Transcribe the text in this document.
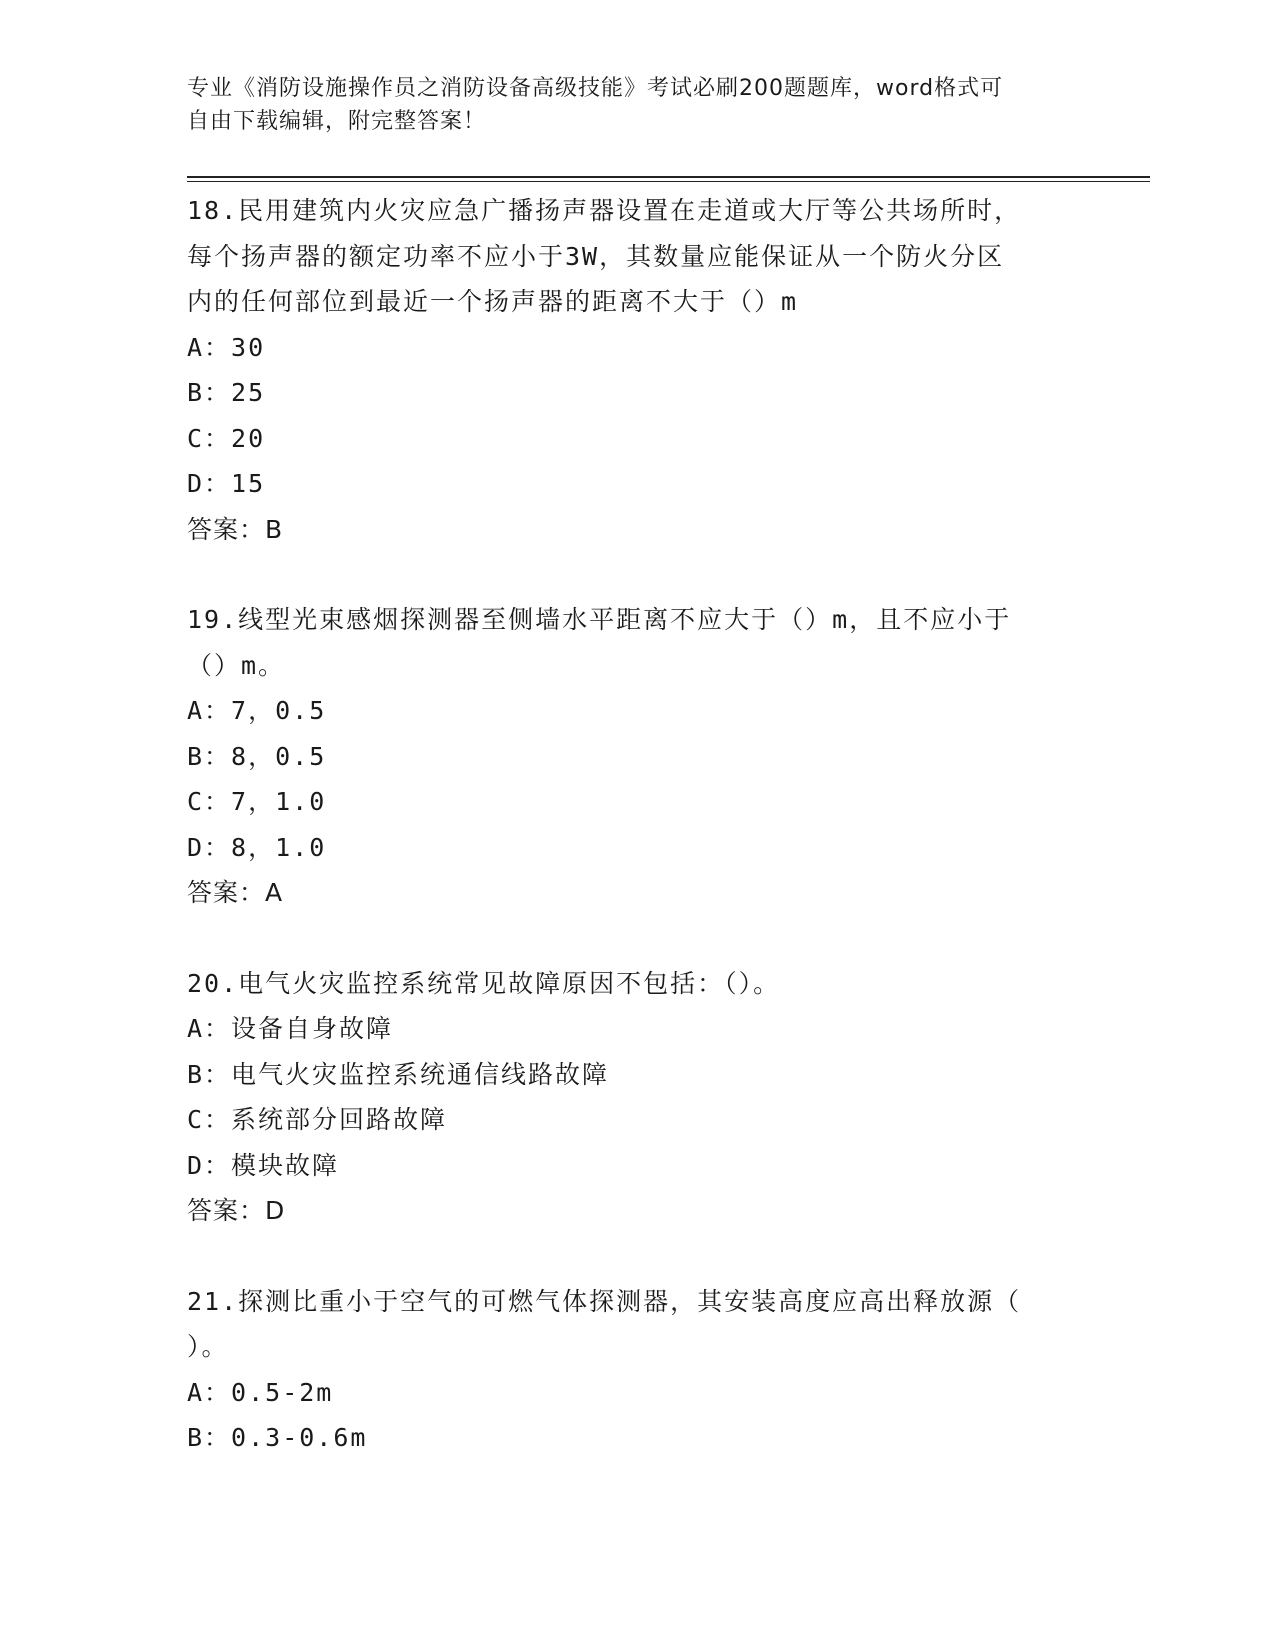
专业《消防设施操作员之消防设备高级技能》考试必刷200题题库，word格式可
自由下载编辑，附完整答案！
18.民用建筑内火灾应急广播扬声器设置在走道或大厅等公共场所时，
每个扬声器的额定功率不应小于3W，其数量应能保证从一个防火分区
内的任何部位到最近一个扬声器的距离不大于（）m
A：30
B：25
C：20
D：15
答案：B
19.线型光束感烟探测器至侧墙水平距离不应大于（）m，且不应小于
（）m。
A：7，0.5
B：8，0.5
C：7，1.0
D：8，1.0
答案：A
20.电气火灾监控系统常见故障原因不包括：（）。
A：设备自身故障
B：电气火灾监控系统通信线路故障
C：系统部分回路故障
D：模块故障
答案：D
21.探测比重小于空气的可燃气体探测器，其安装高度应高出释放源（
）。
A：0.5-2m
B：0.3-0.6m
